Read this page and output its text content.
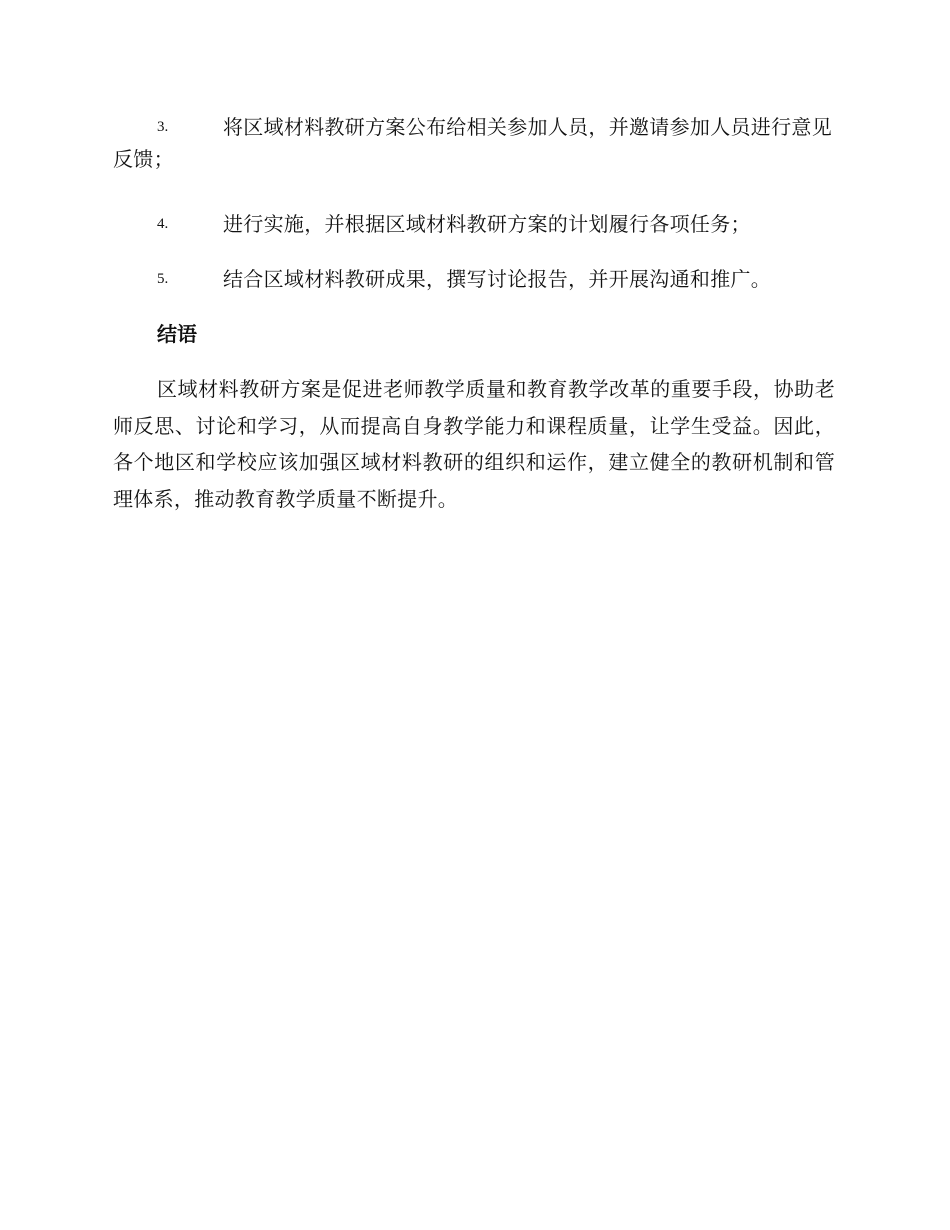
3.	将区域材料教研方案公布给相关参加人员，并邀请参加人员进行意见反馈；
4.	进行实施，并根据区域材料教研方案的计划履行各项任务；
5.	结合区域材料教研成果，撰写讨论报告，并开展沟通和推广。
结语
区域材料教研方案是促进老师教学质量和教育教学改革的重要手段，协助老师反思、讨论和学习，从而提高自身教学能力和课程质量，让学生受益。因此，各个地区和学校应该加强区域材料教研的组织和运作，建立健全的教研机制和管理体系，推动教育教学质量不断提升。
